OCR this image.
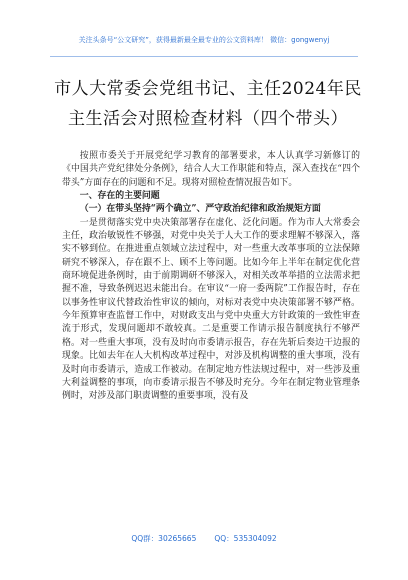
关注头条号“公文研究”，获得最新最全最专业的公文资料库！ 微信：gongwenyj
市人大常委会党组书记、主任2024年民主生活会对照检查材料（四个带头）

按照市委关于开展党纪学习教育的部署要求，本人认真学习新修订的《中国共产党纪律处分条例》，结合人大工作职能和特点，深入查找在“四个带头”方面存在的问题和不足。现将对照检查情况报告如下。

一、存在的主要问题
（一）在带头坚持“两个确立”、严守政治纪律和政治规矩方面

一是贯彻落实党中央决策部署存在虚化、泛化问题。作为市人大常委会主任，政治敏锐性不够强，对党中央关于人大工作的要求理解不够深入，落实不够到位。在推进重点领域立法过程中，对一些重大改革事项的立法保障研究不够深入，存在跟不上、顾不上等问题。比如今年上半年在制定优化营商环境促进条例时，由于前期调研不够深入，对相关改革举措的立法需求把握不准，导致条例迟迟未能出台。在审议“一府一委两院”工作报告时，存在以事务性审议代替政治性审议的倾向，对标对表党中央决策部署不够严格。今年预算审查监督工作中，对财政支出与党中央重大方针政策的一致性审查流于形式，发现问题却不敢较真。二是重要工作请示报告制度执行不够严格。对一些重大事项，没有及时向市委请示报告，存在先斩后奏边干边报的现象。比如去年在人大机构改革过程中，对涉及机构调整的重大事项，没有及时向市委请示，造成工作被动。在制定地方性法规过程中，对一些涉及重大利益调整的事项，向市委请示报告不够及时充分。今年在制定物业管理条例时，对涉及部门职责调整的重要事项，没有及

QQ群：30265665 QQ：535304092
